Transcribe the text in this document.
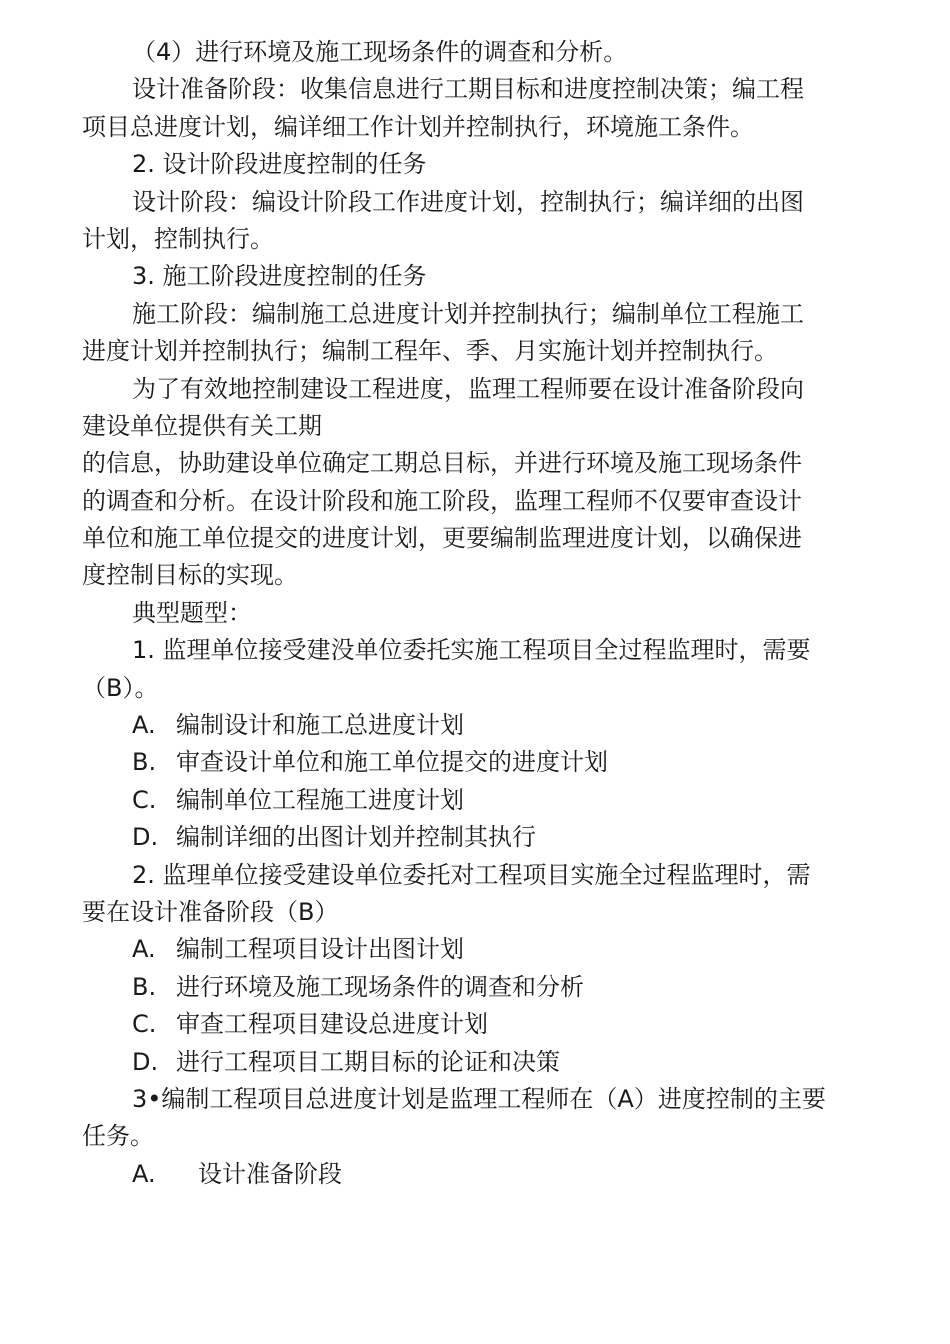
（4）进行环境及施工现场条件的调查和分析。
设计准备阶段：收集信息进行工期目标和进度控制决策；编工程
项目总进度计划，编详细工作计划并控制执行，环境施工条件。
2. 设计阶段进度控制的任务
设计阶段：编设计阶段工作进度计划，控制执行；编详细的出图
计划，控制执行。
3. 施工阶段进度控制的任务
施工阶段：编制施工总进度计划并控制执行；编制单位工程施工
进度计划并控制执行；编制工程年、季、月实施计划并控制执行。
为了有效地控制建设工程进度，监理工程师要在设计准备阶段向
建设单位提供有关工期
的信息，协助建设单位确定工期总目标，并进行环境及施工现场条件
的调查和分析。在设计阶段和施工阶段，监理工程师不仅要审查设计
单位和施工单位提交的进度计划，更要编制监理进度计划，以确保进
度控制目标的实现。
典型题型：
1. 监理单位接受建没单位委托实施工程项目全过程监理时，需要
（B）。
A. 编制设计和施工总进度计划
B. 审查设计单位和施工单位提交的进度计划
C. 编制单位工程施工进度计划
D. 编制详细的出图计划并控制其执行
2. 监理单位接受建设单位委托对工程项目实施全过程监理时，需
要在设计准备阶段（B）
A. 编制工程项目设计出图计划
B. 进行环境及施工现场条件的调查和分析
C. 审查工程项目建设总进度计划
D. 进行工程项目工期目标的论证和决策
3•编制工程项目总进度计划是监理工程师在（A）进度控制的主要
任务。
A. 设计准备阶段
